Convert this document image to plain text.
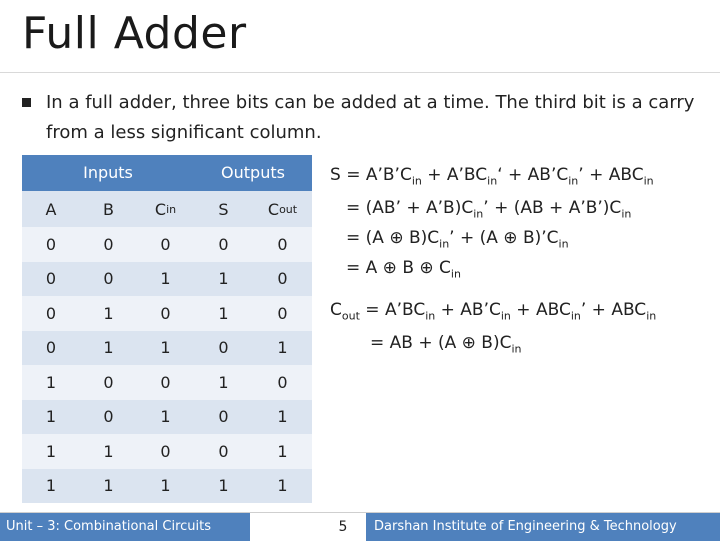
Full Adder
In a full adder, three bits can be added at a time. The third bit is a carry from a less significant column.
Inputs	Outputs
A	B	C in	S	C out
0	0	0	0	0
0	0	1	1	0
0	1	0	1	0
0	1	1	0	1
1	0	0	1	0
1	0	1	0	1
1	1	0	0	1
1	1	1	1	1
$S = A’B’C_{in}$ + $A’BC_{in}‘$ + $AB’C_{in}$’ + $ABC_{in}$
= (AB’ + $A’B)C_{in}$’ + $(AB + A’B’)C_{in}$
= (A ⊕ $B)C_{in}$’ + (A ⊕ $B)’C_{in}$
= A ⊕ B ⊕ $C_{in}$
$C_{out}$ = $A’BC_{in}$ + $AB’C_{in} + ABC_{in}$’ + $ABC_{in}$
= AB + (A ⊕ $B)C_{in}$
Unit – 3: Combinational Circuits	5	Darshan Institute of Engineering & Technology
